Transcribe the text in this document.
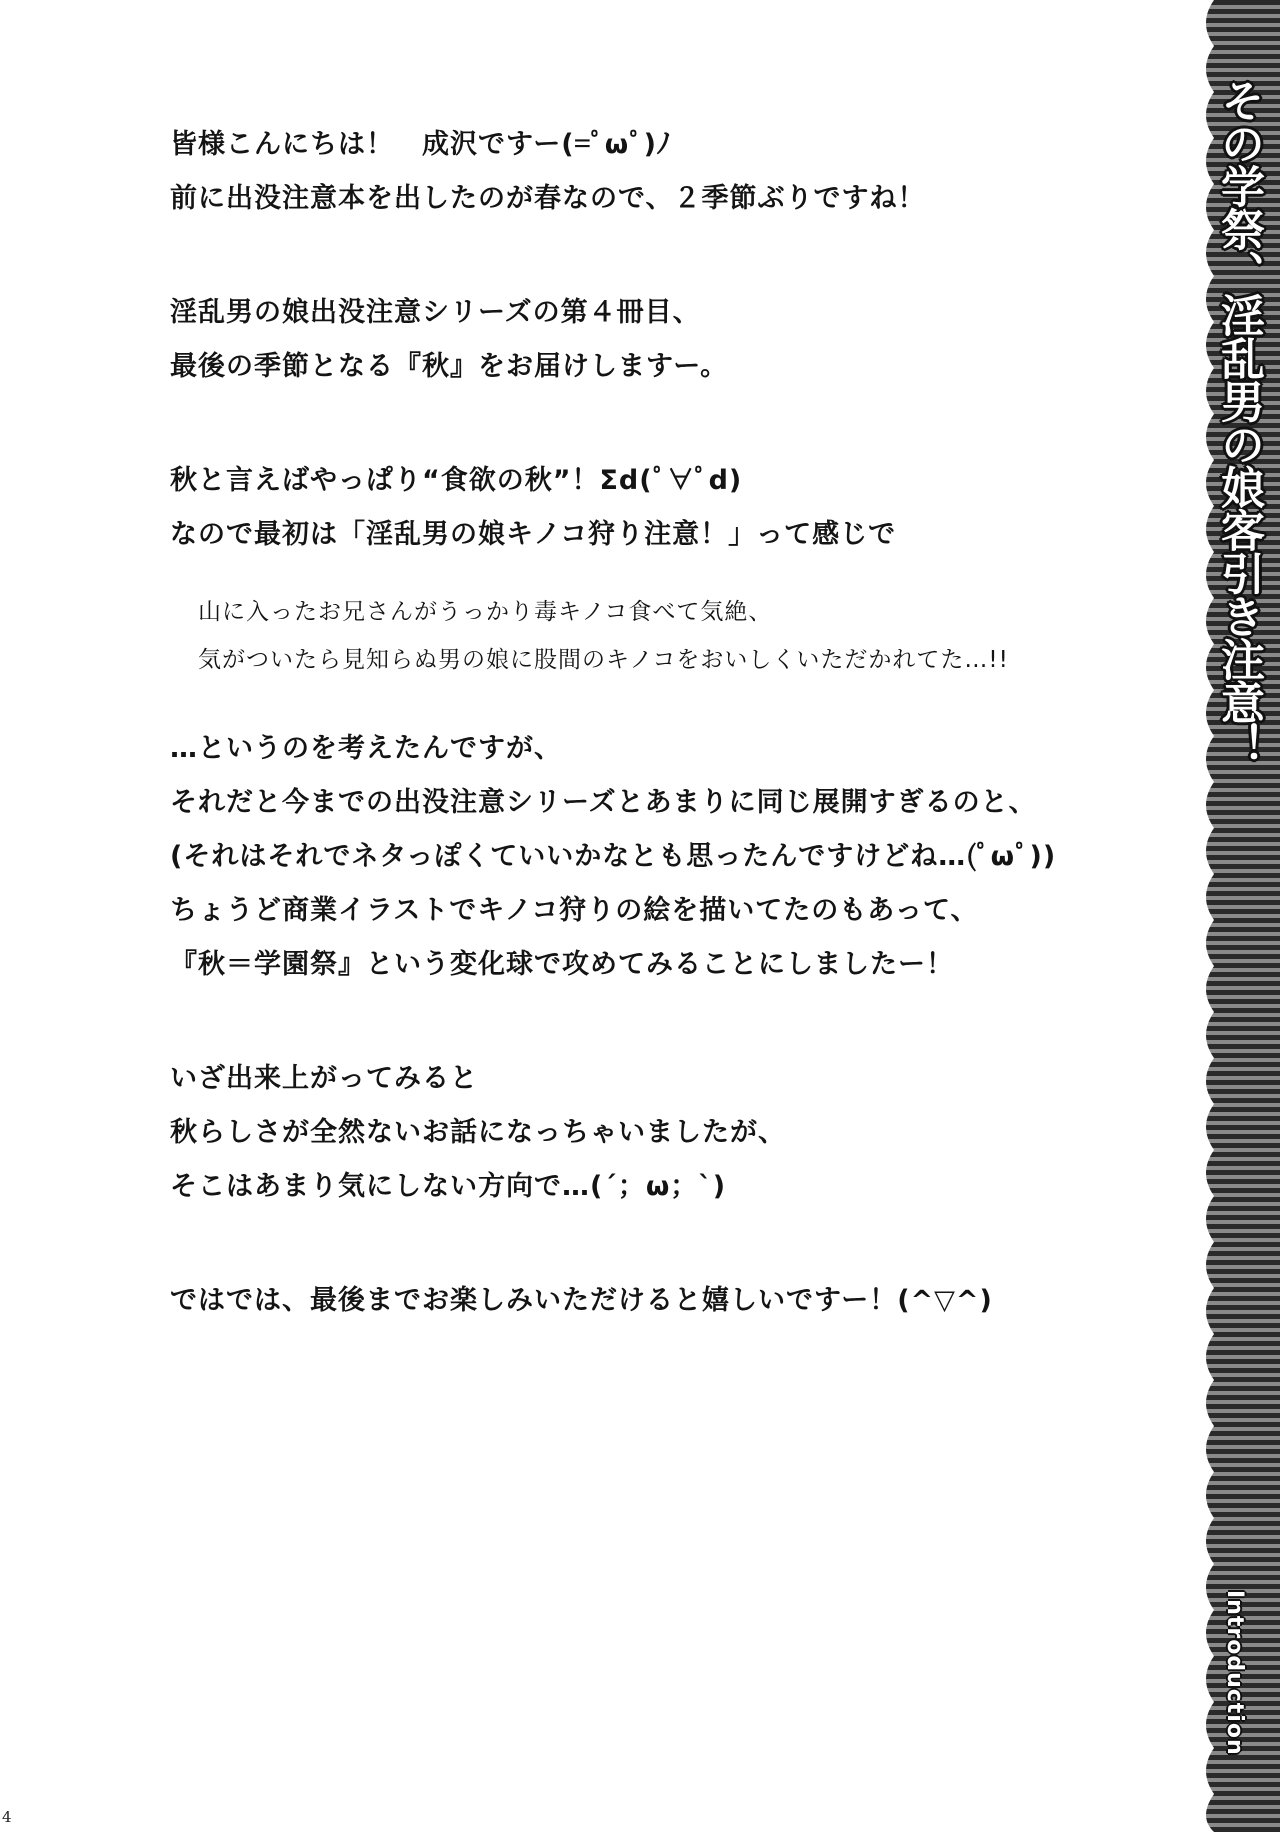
皆様こんにちは！　成沢ですー(=ﾟωﾟ)ﾉ
前に出没注意本を出したのが春なので、２季節ぶりですね！
淫乱男の娘出没注意シリーズの第４冊目、
最後の季節となる『秋』をお届けしますー。
秋と言えばやっぱり“食欲の秋”！Σd(ﾟ∀ﾟd)
なので最初は「淫乱男の娘キノコ狩り注意！」って感じで
山に入ったお兄さんがうっかり毒キノコ食べて気絶、
気がついたら見知らぬ男の娘に股間のキノコをおいしくいただかれてた…!!
…というのを考えたんですが、
それだと今までの出没注意シリーズとあまりに同じ展開すぎるのと、
(それはそれでネタっぽくていいかなとも思ったんですけどね…(ﾟωﾟ))
ちょうど商業イラストでキノコ狩りの絵を描いてたのもあって、
『秋＝学園祭』という変化球で攻めてみることにしましたー！
いざ出来上がってみると
秋らしさが全然ないお話になっちゃいましたが、
そこはあまり気にしない方向で…(´；ω；`)
ではでは、最後までお楽しみいただけると嬉しいですー！(^▽^)
その学祭、淫乱男の娘客引き注意！
Introduction
4
